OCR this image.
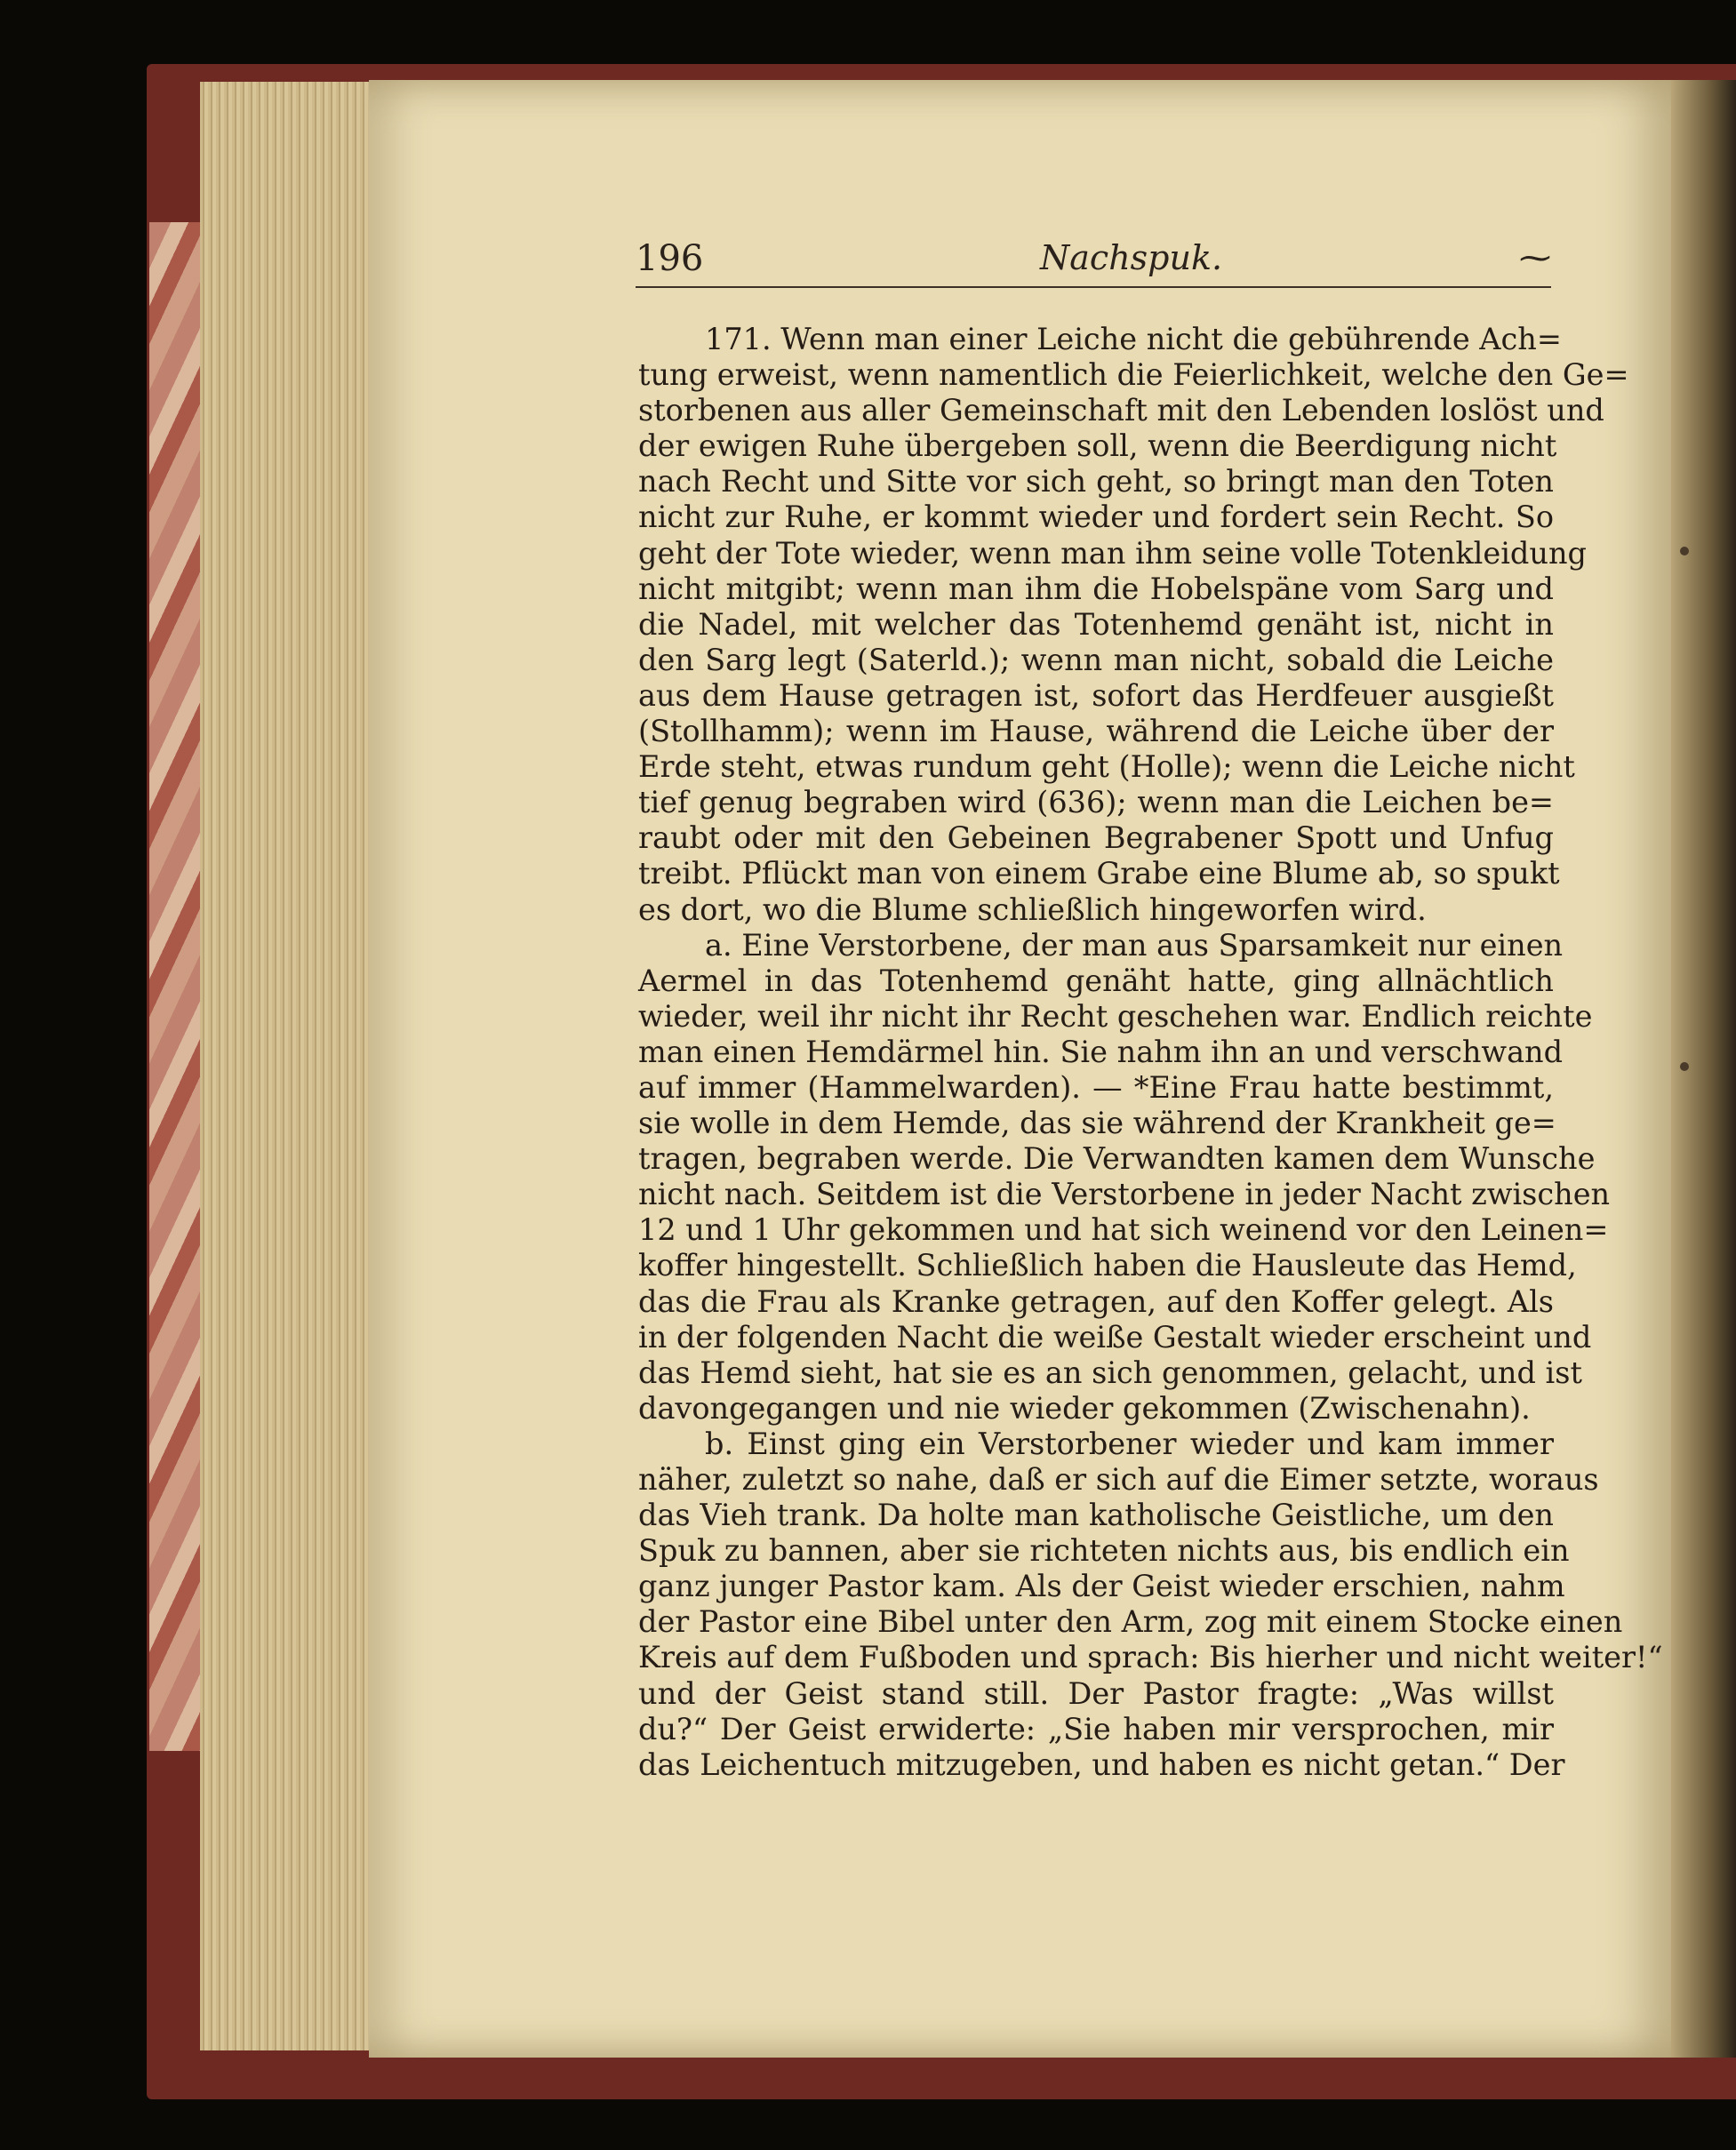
196	Nachspuk.	⁓
171. Wenn man einer Leiche nicht die gebührende Ach=
tung erweist, wenn namentlich die Feierlichkeit, welche den Ge=
storbenen aus aller Gemeinschaft mit den Lebenden loslöst und
der ewigen Ruhe übergeben soll, wenn die Beerdigung nicht
nach Recht und Sitte vor sich geht, so bringt man den Toten
nicht zur Ruhe, er kommt wieder und fordert sein Recht. So
geht der Tote wieder, wenn man ihm seine volle Totenkleidung
nicht mitgibt; wenn man ihm die Hobelspäne vom Sarg und
die Nadel, mit welcher das Totenhemd genäht ist, nicht in
den Sarg legt (Saterld.); wenn man nicht, sobald die Leiche
aus dem Hause getragen ist, sofort das Herdfeuer ausgießt
(Stollhamm); wenn im Hause, während die Leiche über der
Erde steht, etwas rundum geht (Holle); wenn die Leiche nicht
tief genug begraben wird (636); wenn man die Leichen be=
raubt oder mit den Gebeinen Begrabener Spott und Unfug
treibt. Pflückt man von einem Grabe eine Blume ab, so spukt
es dort, wo die Blume schließlich hingeworfen wird.
a. Eine Verstorbene, der man aus Sparsamkeit nur einen
Aermel in das Totenhemd genäht hatte, ging allnächtlich
wieder, weil ihr nicht ihr Recht geschehen war. Endlich reichte
man einen Hemdärmel hin. Sie nahm ihn an und verschwand
auf immer (Hammelwarden). — *Eine Frau hatte bestimmt,
sie wolle in dem Hemde, das sie während der Krankheit ge=
tragen, begraben werde. Die Verwandten kamen dem Wunsche
nicht nach. Seitdem ist die Verstorbene in jeder Nacht zwischen
12 und 1 Uhr gekommen und hat sich weinend vor den Leinen=
koffer hingestellt. Schließlich haben die Hausleute das Hemd,
das die Frau als Kranke getragen, auf den Koffer gelegt. Als
in der folgenden Nacht die weiße Gestalt wieder erscheint und
das Hemd sieht, hat sie es an sich genommen, gelacht, und ist
davongegangen und nie wieder gekommen (Zwischenahn).
b. Einst ging ein Verstorbener wieder und kam immer
näher, zuletzt so nahe, daß er sich auf die Eimer setzte, woraus
das Vieh trank. Da holte man katholische Geistliche, um den
Spuk zu bannen, aber sie richteten nichts aus, bis endlich ein
ganz junger Pastor kam. Als der Geist wieder erschien, nahm
der Pastor eine Bibel unter den Arm, zog mit einem Stocke einen
Kreis auf dem Fußboden und sprach: Bis hierher und nicht weiter!“
und der Geist stand still. Der Pastor fragte: „Was willst
du?“ Der Geist erwiderte: „Sie haben mir versprochen, mir
das Leichentuch mitzugeben, und haben es nicht getan.“ Der
